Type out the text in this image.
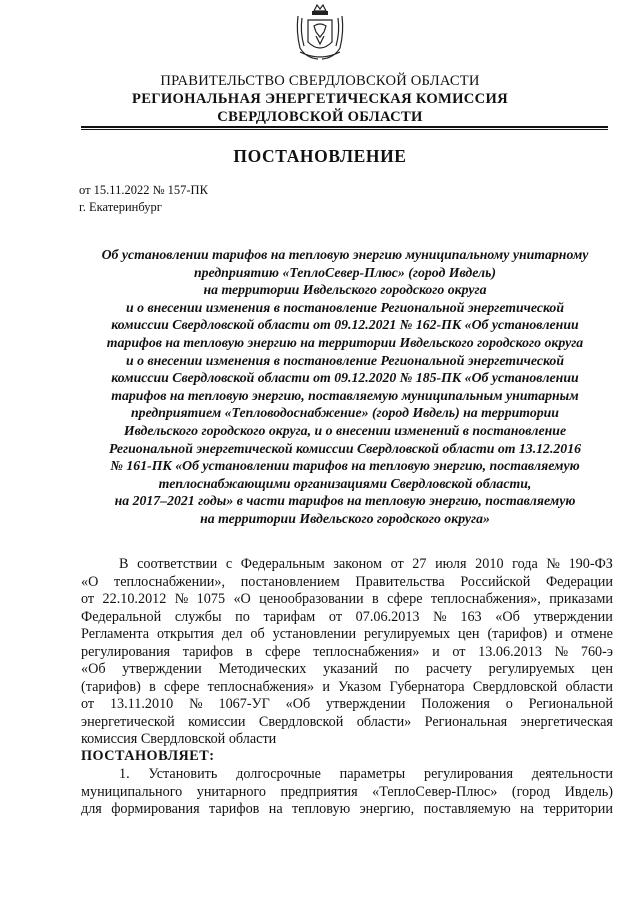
ПРАВИТЕЛЬСТВО СВЕРДЛОВСКОЙ ОБЛАСТИ
РЕГИОНАЛЬНАЯ ЭНЕРГЕТИЧЕСКАЯ КОМИССИЯ
СВЕРДЛОВСКОЙ ОБЛАСТИ
ПОСТАНОВЛЕНИЕ
от 15.11.2022 № 157-ПК
г. Екатеринбург
Об установлении тарифов на тепловую энергию муниципальному унитарному
предприятию «ТеплоСевер-Плюс» (город Ивдель)
на территории Ивдельского городского округа
и о внесении изменения в постановление Региональной энергетической
комиссии Свердловской области от 09.12.2021 № 162-ПК «Об установлении
тарифов на тепловую энергию на территории Ивдельского городского округа
и о внесении изменения в постановление Региональной энергетической
комиссии Свердловской области от 09.12.2020 № 185-ПК «Об установлении
тарифов на тепловую энергию, поставляемую муниципальным унитарным
предприятием «Тепловодоснабжение» (город Ивдель) на территории
Ивдельского городского округа, и о внесении изменений в постановление
Региональной энергетической комиссии Свердловской области от 13.12.2016
№ 161-ПК «Об установлении тарифов на тепловую энергию, поставляемую
теплоснабжающими организациями Свердловской области,
на 2017–2021 годы» в части тарифов на тепловую энергию, поставляемую
на территории Ивдельского городского округа»
В соответствии с Федеральным законом от 27 июля 2010 года № 190-ФЗ
«О теплоснабжении», постановлением Правительства Российской Федерации
от 22.10.2012 № 1075 «О ценообразовании в сфере теплоснабжения», приказами
Федеральной службы по тарифам от 07.06.2013 № 163 «Об утверждении
Регламента открытия дел об установлении регулируемых цен (тарифов) и отмене
регулирования тарифов в сфере теплоснабжения» и от 13.06.2013 № 760-э
«Об утверждении Методических указаний по расчету регулируемых цен
(тарифов) в сфере теплоснабжения» и Указом Губернатора Свердловской области
от 13.11.2010 № 1067-УГ «Об утверждении Положения о Региональной
энергетической комиссии Свердловской области» Региональная энергетическая
комиссия Свердловской области
ПОСТАНОВЛЯЕТ:
1. Установить долгосрочные параметры регулирования деятельности
муниципального унитарного предприятия «ТеплоСевер-Плюс» (город Ивдель)
для формирования тарифов на тепловую энергию, поставляемую на территории
